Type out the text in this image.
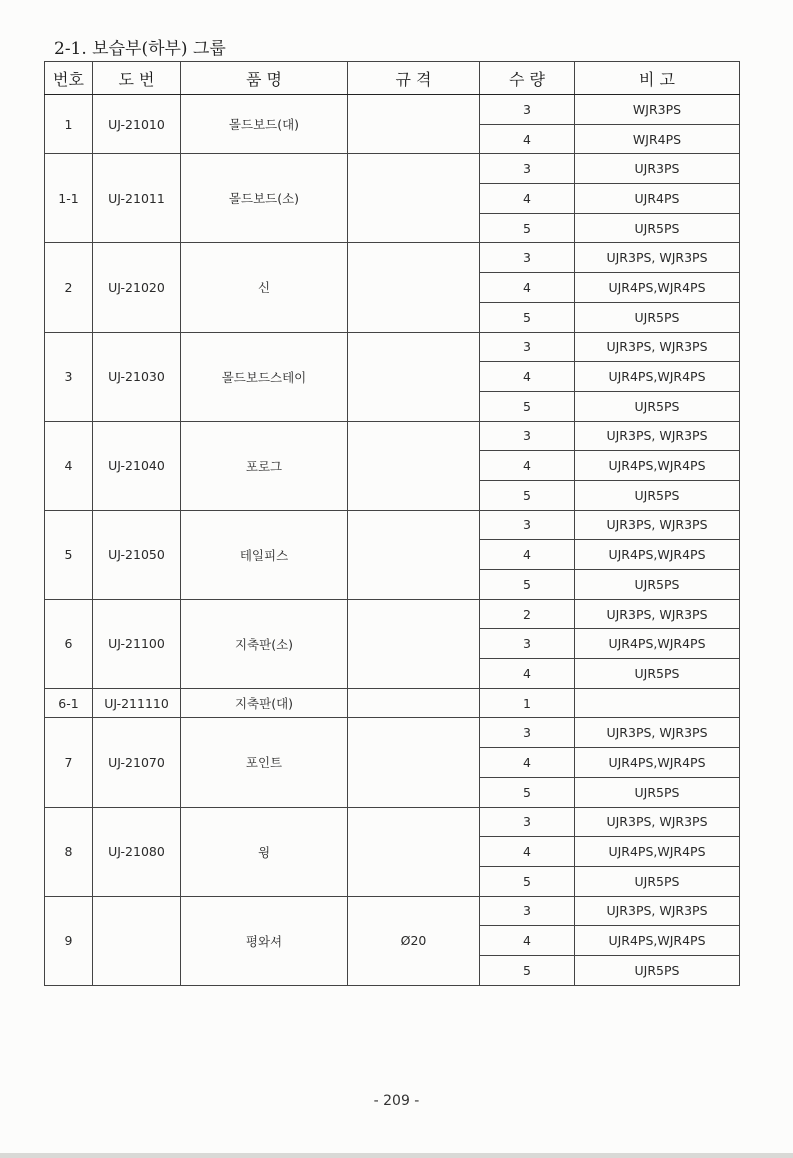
2-1. 보습부(하부) 그룹
번호	도 번	품 명	규 격	수 량	비 고
1	UJ-21010	몰드보드(대)		3	WJR3PS
				4	WJR4PS
1-1	UJ-21011	몰드보드(소)		3	UJR3PS
				4	UJR4PS
				5	UJR5PS
2	UJ-21020	신		3	UJR3PS, WJR3PS
				4	UJR4PS,WJR4PS
				5	UJR5PS
3	UJ-21030	몰드보드스테이		3	UJR3PS, WJR3PS
				4	UJR4PS,WJR4PS
				5	UJR5PS
4	UJ-21040	포로그		3	UJR3PS, WJR3PS
				4	UJR4PS,WJR4PS
				5	UJR5PS
5	UJ-21050	테일피스		3	UJR3PS, WJR3PS
				4	UJR4PS,WJR4PS
				5	UJR5PS
6	UJ-21100	지축판(소)		2	UJR3PS, WJR3PS
				3	UJR4PS,WJR4PS
				4	UJR5PS
6-1	UJ-211110	지축판(대)		1	
7	UJ-21070	포인트		3	UJR3PS, WJR3PS
				4	UJR4PS,WJR4PS
				5	UJR5PS
8	UJ-21080	윙		3	UJR3PS, WJR3PS
				4	UJR4PS,WJR4PS
				5	UJR5PS
9		평와셔	Ø20	3	UJR3PS, WJR3PS
				4	UJR4PS,WJR4PS
				5	UJR5PS
- 209 -
